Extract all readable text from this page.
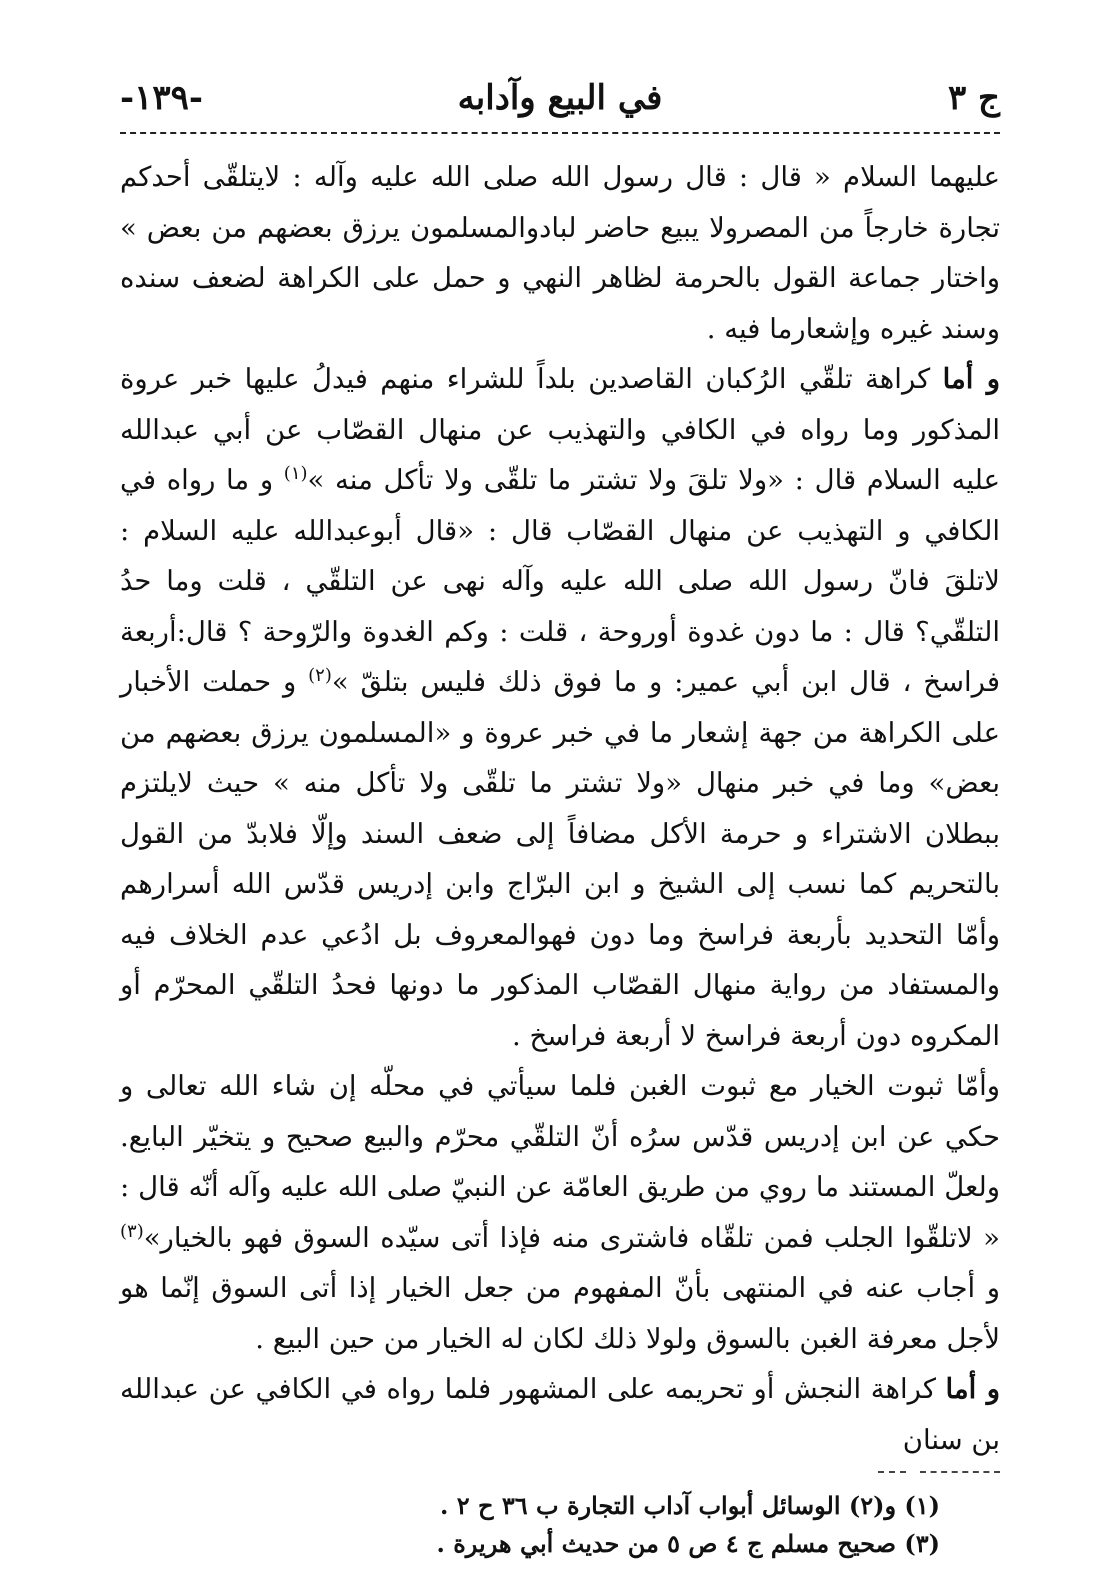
ج ٣
في البيع وآدابه
-١٣٩-

عليهما السلام « قال : قال رسول الله صلى الله عليه وآله : لايتلقّى أحدكم تجارة خارجاً من المصرولا يبيع حاضر لبادوالمسلمون يرزق بعضهم من بعض » واختار جماعة القول بالحرمة لظاهر النهي و حمل على الكراهة لضعف سنده وسند غيره وإشعارما فيه .

و أما كراهة تلقّي الرُكبان القاصدين بلداً للشراء منهم فيدلُ عليها خبر عروة المذكور وما رواه في الكافي والتهذيب عن منهال القصّاب عن أبي عبدالله عليه السلام قال : «ولا تلقَ ولا تشتر ما تلقّى ولا تأكل منه »$^{(١)}$ و ما رواه في الكافي و التهذيب عن منهال القصّاب قال : «قال أبوعبدالله عليه السلام : لاتلقَ فانّ رسول الله صلى الله عليه وآله نهى عن التلقّي ، قلت وما حدُ التلقّي؟ قال : ما دون غدوة أوروحة ، قلت : وكم الغدوة والرّوحة ؟ قال:أربعة فراسخ ، قال ابن أبي عمير: و ما فوق ذلك فليس بتلقّ »$^{(٢)}$ و حملت الأخبار على الكراهة من جهة إشعار ما في خبر عروة و «المسلمون يرزق بعضهم من بعض» وما في خبر منهال «ولا تشتر ما تلقّى ولا تأكل منه » حيث لايلتزم ببطلان الاشتراء و حرمة الأكل مضافاً إلى ضعف السند وإلّا فلابدّ من القول بالتحريم كما نسب إلى الشيخ و ابن البرّاج وابن إدريس قدّس الله أسرارهم وأمّا التحديد بأربعة فراسخ وما دون فهوالمعروف بل ادُعي عدم الخلاف فيه والمستفاد من رواية منهال القصّاب المذكور ما دونها فحدُ التلقّي المحرّم أو المكروه دون أربعة فراسخ لا أربعة فراسخ .

وأمّا ثبوت الخيار مع ثبوت الغبن فلما سيأتي في محلّه إن شاء الله تعالى و حكي عن ابن إدريس قدّس سرُه أنّ التلقّي محرّم والبيع صحيح و يتخيّر البايع. ولعلّ المستند ما روي من طريق العامّة عن النبيّ صلى الله عليه وآله أنّه قال : « لاتلقّوا الجلب فمن تلقّاه فاشترى منه فإذا أتى سيّده السوق فهو بالخيار»$^{(٣)}$ و أجاب عنه في المنتهى بأنّ المفهوم من جعل الخيار إذا أتى السوق إنّما هو لأجل معرفة الغبن بالسوق ولولا ذلك لكان له الخيار من حين البيع .

و أما كراهة النجش أو تحريمه على المشهور فلما رواه في الكافي عن عبدالله بن سنان

(١) و(٢) الوسائل أبواب آداب التجارة ب ٣٦ ح ٢ .

(٣) صحيح مسلم ج ٤ ص ٥ من حديث أبي هريرة .
